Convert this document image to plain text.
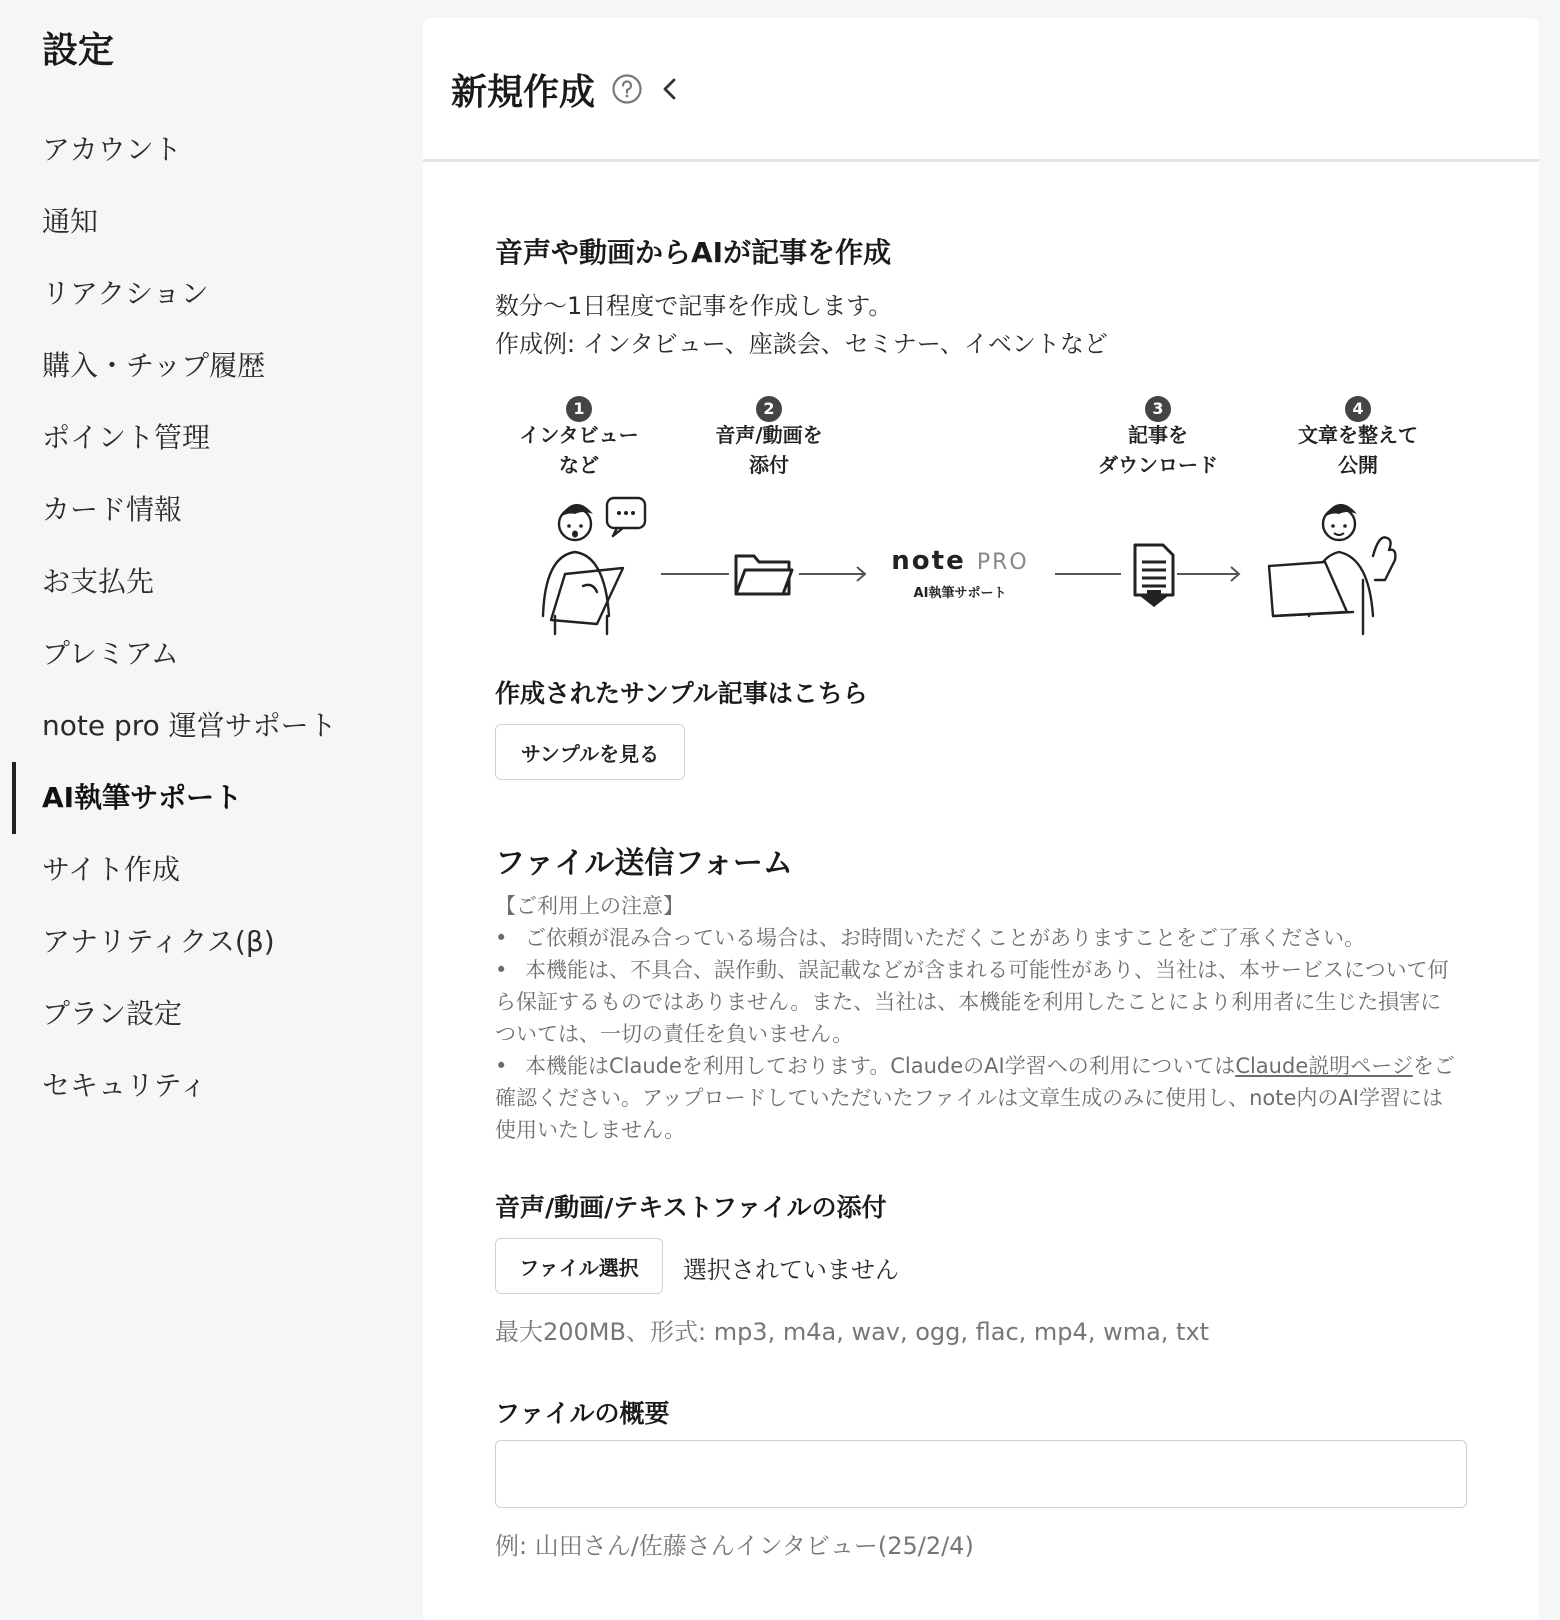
設定
アカウント
通知
リアクション
購入・チップ履歴
ポイント管理
カード情報
お支払先
プレミアム
note pro 運営サポート
AI執筆サポート
サイト作成
アナリティクス(β)
プラン設定
セキュリティ
新規作成
音声や動画からAIが記事を作成
数分〜1日程度で記事を作成します。
作成例: インタビュー、座談会、セミナー、イベントなど
1
インタビュー
など
2
音声/動画を
添付
3
記事を
ダウンロード
4
文章を整えて
公開
note PRO
AI執筆サポート
作成されたサンプル記事はこちら
サンプルを見る
ファイル送信フォーム
【ご利用上の注意】
• ご依頼が混み合っている場合は、お時間いただくことがありますことをご了承ください。
• 本機能は、不具合、誤作動、誤記載などが含まれる可能性があり、当社は、本サービスについて何ら保証するものではありません。また、当社は、本機能を利用したことにより利用者に生じた損害については、一切の責任を負いません。
• 本機能はClaudeを利用しております。ClaudeのAI学習への利用についてはClaude説明ページをご確認ください。アップロードしていただいたファイルは文章生成のみに使用し、note内のAI学習には使用いたしません。
音声/動画/テキストファイルの添付
ファイル選択	選択されていません
最大200MB、形式: mp3, m4a, wav, ogg, flac, mp4, wma, txt
ファイルの概要
例: 山田さん/佐藤さんインタビュー(25/2/4)
